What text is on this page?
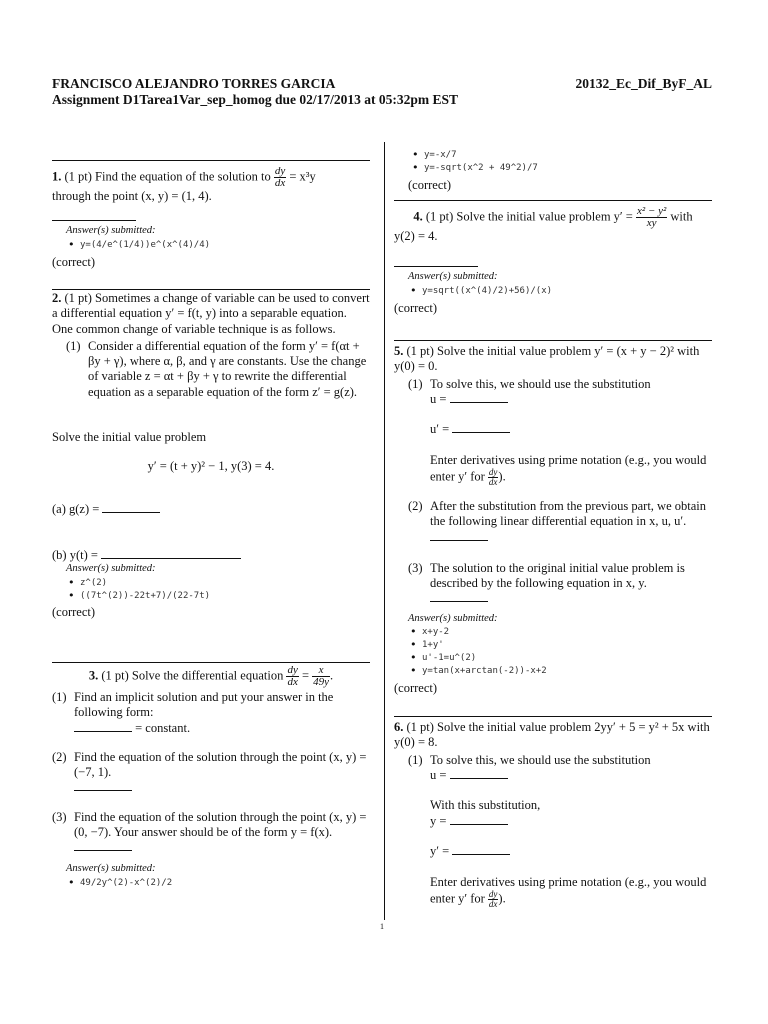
FRANCISCO ALEJANDRO TORRES GARCIA	20132_Ec_Dif_ByF_AL
Assignment D1Tarea1Var_sep_homog due 02/17/2013 at 05:32pm EST

1. (1 pt) Find the equation of the solution to $\frac{dy}{dx} = x^3y$

through the point (x, y) = (1, 4).

Answer(s) submitted:

• y=(4/e^(1/4))e^(x^(4)/4)

(correct)

2. (1 pt) Sometimes a change of variable can be used to convert a differential equation y′ = f(t, y) into a separable equation. One common change of variable technique is as follows.

(1) Consider a differential equation of the form y′ = f(αt + βy + γ), where α, β, and γ are constants. Use the change of variable z = αt + βy + γ to rewrite the differential equation as a separable equation of the form z′ = g(z).

Solve the initial value problem

y′ = (t + y)² − 1, y(3) = 4.

(a) g(z) =

(b) y(t) =

Answer(s) submitted:

• z^(2)
• ((7t^(2))-22t+7)/(22-7t)

(correct)

3. (1 pt) Solve the differential equation $\frac{dy}{dx} = \frac{x}{49y}$ .

(1) Find an implicit solution and put your answer in the following form:
= constant.
(2) Find the equation of the solution through the point (x, y) = (−7, 1).

(3) Find the equation of the solution through the point (x, y) = (0, −7). Your answer should be of the form y = f(x).

Answer(s) submitted:

• 49/2y^(2)-x^(2)/2
• y=-x/7
• y=-sqrt(x^2 + 49^2)/7

(correct)

4. (1 pt) Solve the initial value problem $y' = \frac{\text{x² − y²}}{xy}$ with

y(2) = 4.

Answer(s) submitted:

• y=sqrt((x^(4)/2)+56)/(x)

(correct)

5. (1 pt) Solve the initial value problem y′ = (x + y − 2)² with y(0) = 0.

(1) To solve this, we should use the substitution
u =

u′ =

Enter derivatives using prime notation (e.g., you would enter y′ for $\frac{dy}{dx}$ ).
(2) After the substitution from the previous part, we obtain the following linear differential equation in x, u, u′.

(3) The solution to the original initial value problem is described by the following equation in x, y.

Answer(s) submitted:

• x+y-2
• 1+y'
• u'-1=u^(2)
• y=tan(x+arctan(-2))-x+2

(correct)

6. (1 pt) Solve the initial value problem 2yy′ + 5 = y² + 5x with y(0) = 8.

(1) To solve this, we should use the substitution
u =

With this substitution,
y =

y′ =

Enter derivatives using prime notation (e.g., you would enter y′ for $\frac{dy}{dx}$ ).
1
